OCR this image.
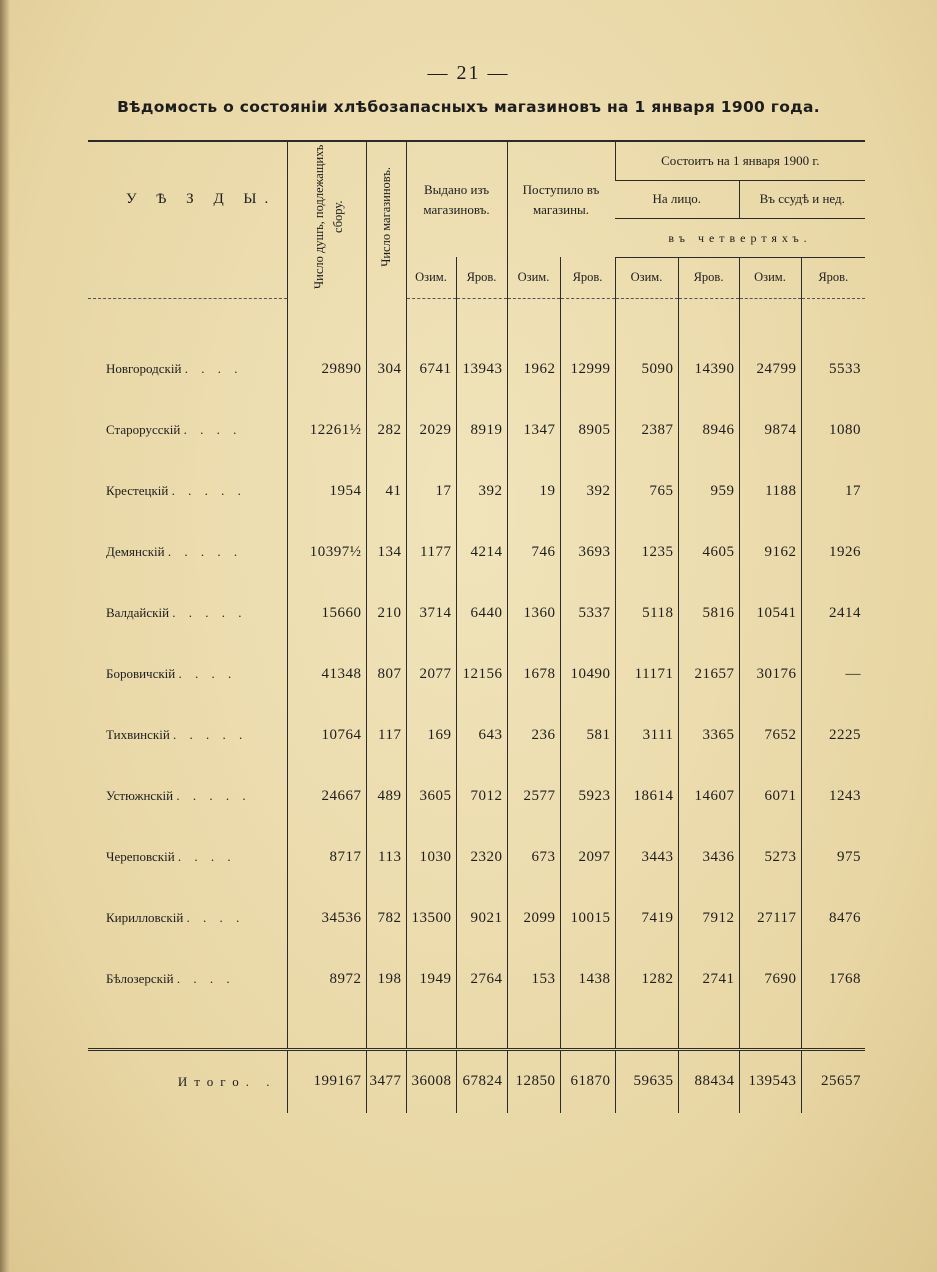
— 21 —
Вѣдомость о состояніи хлѣбозапасныхъ магазиновъ на 1 января 1900 года.
У Ѣ З Д Ы.	Число душъ, подлежащихъ сбору.	Число магазиновъ.	Выдано изъ магазиновъ.		Поступило въ магазины.		Состоитъ на 1 января 1900 г.			
							На лицо.		Въ ссудѣ и нед.	
							въ четвертяхъ.			
			Озим.	Яров.	Озим.	Яров.	Озим.	Яров.	Озим.	Яров.

Новгородскій . . . .	29890	304	6741	13943	1962	12999	5090	14390	24799	5533
Старорусскій . . . .	12261½	282	2029	8919	1347	8905	2387	8946	9874	1080
Крестецкій . . . . .	1954	41	17	392	19	392	765	959	1188	17
Демянскій . . . . .	10397½	134	1177	4214	746	3693	1235	4605	9162	1926
Валдайскій . . . . .	15660	210	3714	6440	1360	5337	5118	5816	10541	2414
Боровичскій . . . .	41348	807	2077	12156	1678	10490	11171	21657	30176	—
Тихвинскій . . . . .	10764	117	169	643	236	581	3111	3365	7652	2225
Устюжнскій . . . . .	24667	489	3605	7012	2577	5923	18614	14607	6071	1243
Череповскій . . . .	8717	113	1030	2320	673	2097	3443	3436	5273	975
Кирилловскій . . . .	34536	782	13500	9021	2099	10015	7419	7912	27117	8476
Бѣлозерскій . . . .	8972	198	1949	2764	153	1438	1282	2741	7690	1768

Итого. .	199167	3477	36008	67824	12850	61870	59635	88434	139543	25657
